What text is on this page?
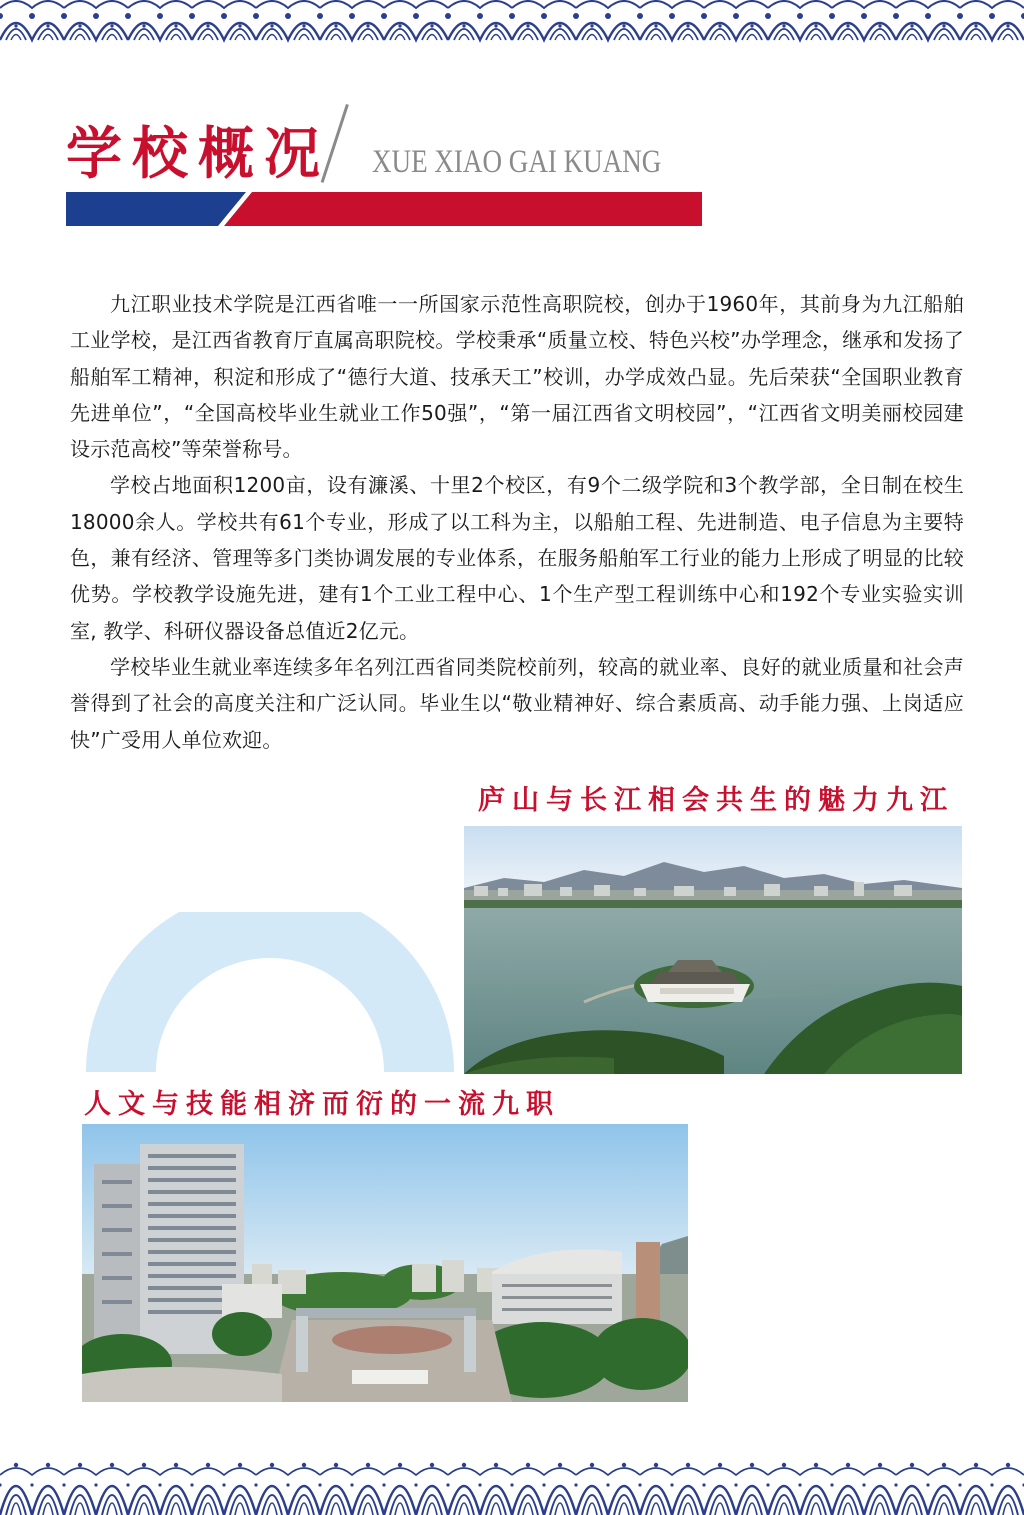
学校概况 XUE XIAO GAI KUANG

九江职业技术学院是江西省唯一一所国家示范性高职院校，创办于1960年，其前身为九江船舶工业学校，是江西省教育厅直属高职院校。学校秉承“质量立校、特色兴校”办学理念，继承和发扬了船舶军工精神，积淀和形成了“德行大道、技承天工”校训，办学成效凸显。先后荣获“全国职业教育先进单位”，“全国高校毕业生就业工作50强”，“第一届江西省文明校园”，“江西省文明美丽校园建设示范高校”等荣誉称号。

学校占地面积1200亩，设有濂溪、十里2个校区，有9个二级学院和3个教学部，全日制在校生18000余人。学校共有61个专业，形成了以工科为主，以船舶工程、先进制造、电子信息为主要特色，兼有经济、管理等多门类协调发展的专业体系，在服务船舶军工行业的能力上形成了明显的比较优势。学校教学设施先进，建有1个工业工程中心、1个生产型工程训练中心和192个专业实验实训室, 教学、科研仪器设备总值近2亿元。

学校毕业生就业率连续多年名列江西省同类院校前列，较高的就业率、良好的就业质量和社会声誉得到了社会的高度关注和广泛认同。毕业生以“敬业精神好、综合素质高、动手能力强、上岗适应快”广受用人单位欢迎。

庐山与长江相会共生的魅力九江
人文与技能相济而衍的一流九职
